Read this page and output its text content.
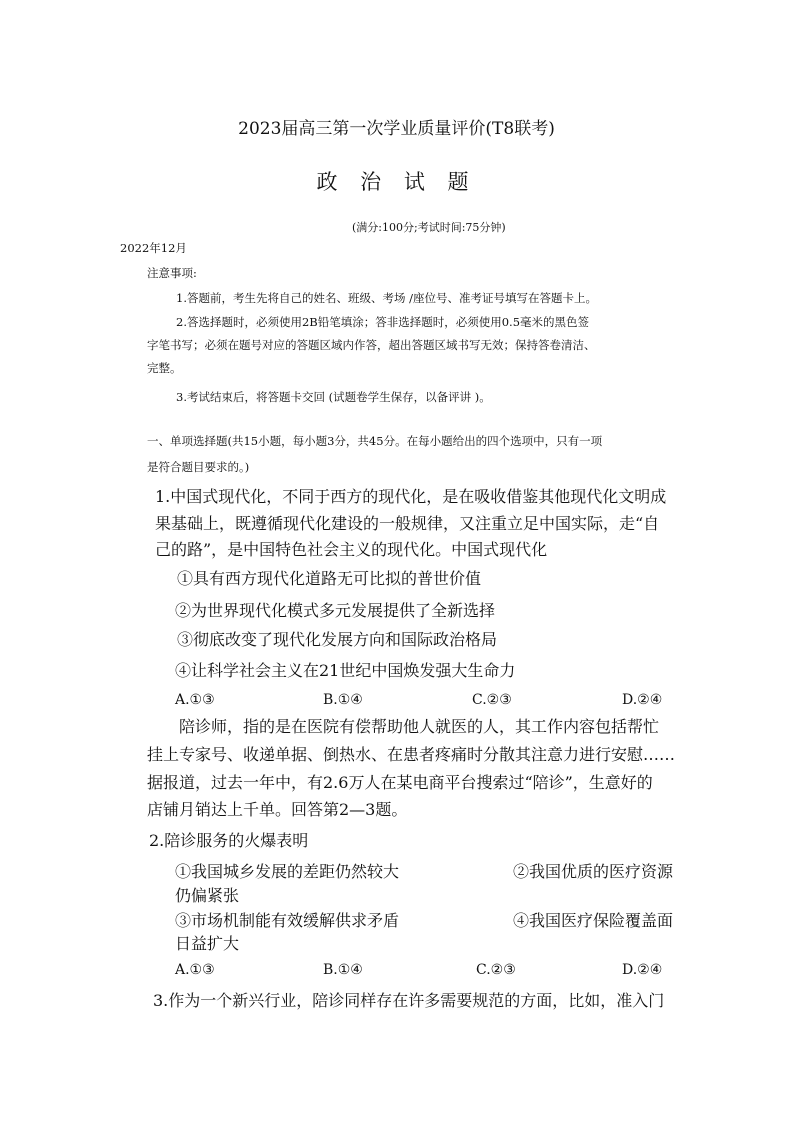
2023届高三第一次学业质量评价(T8联考)
政 治 试 题
(满分:100分;考试时间:75分钟)
2022年12月
注意事项:
1.答题前，考生先将自己的姓名、班级、考场 /座位号、准考证号填写在答题卡上。
2.答选择题时，必须使用2B铅笔填涂；答非选择题时，必须使用0.5毫米的黑色签
字笔书写；必须在题号对应的答题区域内作答，超出答题区域书写无效；保持答卷清洁、
完整。
3.考试结束后，将答题卡交回 (试题卷学生保存，以备评讲 )。
一、单项选择题(共15小题，每小题3分，共45分。在每小题给出的四个选项中，只有一项
是符合题目要求的。)
1.中国式现代化，不同于西方的现代化，是在吸收借鉴其他现代化文明成
果基础上，既遵循现代化建设的一般规律，又注重立足中国实际，走“自
己的路”，是中国特色社会主义的现代化。中国式现代化
①具有西方现代化道路无可比拟的普世价值
②为世界现代化模式多元发展提供了全新选择
③彻底改变了现代化发展方向和国际政治格局
④让科学社会主义在21世纪中国焕发强大生命力
A.①③	B.①④	C.②③	D.②④
陪诊师，指的是在医院有偿帮助他人就医的人，其工作内容包括帮忙
挂上专家号、收递单据、倒热水、在患者疼痛时分散其注意力进行安慰……
据报道，过去一年中，有2.6万人在某电商平台搜索过“陪诊”，生意好的
店铺月销达上千单。回答第2—3题。
2.陪诊服务的火爆表明
①我国城乡发展的差距仍然较大	②我国优质的医疗资源
仍偏紧张
③市场机制能有效缓解供求矛盾	④我国医疗保险覆盖面
日益扩大
A.①③	B.①④	C.②③	D.②④
3.作为一个新兴行业，陪诊同样存在许多需要规范的方面，比如，准入门
